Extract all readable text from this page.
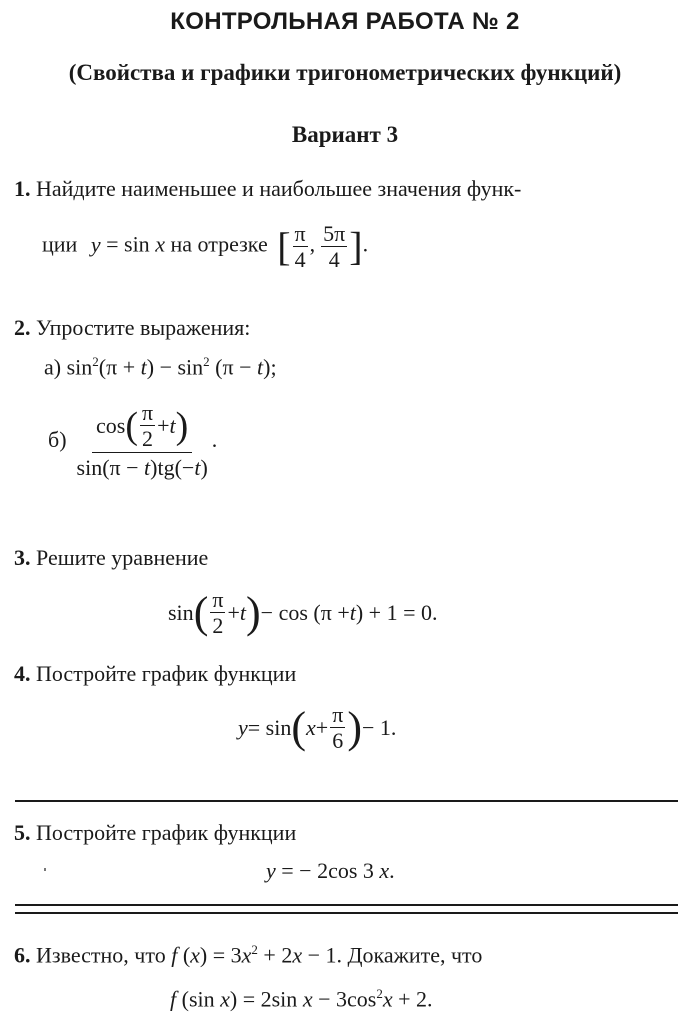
КОНТРОЛЬНАЯ РАБОТА № 2
(Свойства и графики тригонометрических функций)
Вариант 3
1. Найдите наименьшее и наибольшее значения функ-
ции y = sin x на отрезке [ $\frac{\pi}{4}$ , $\frac{5\pi}{4}$ ].
2. Упростите выражения:
а) $\sin^2(\pi + t) - \sin^2 (\pi - t)$;
$б) \frac{\cos ( \frac{\pi}{2} + t )}{\sin(\pi - t)tg(-t)}$ .
3. Решите уравнение
sin ( $\frac{\pi}{2} + t$ ) − cos (π + t ) + 1 = 0.
4. Постройте график функции
y = sin ( $x + \frac{\pi}{6}$ ) − 1.
5. Постройте график функции
y = − 2cos 3 x.
6. Известно, что f $(x) = 3x^2 + 2x - 1$. Докажите, что
f (sin x) = 2sin $x - 3\cos^2x + 2$.
